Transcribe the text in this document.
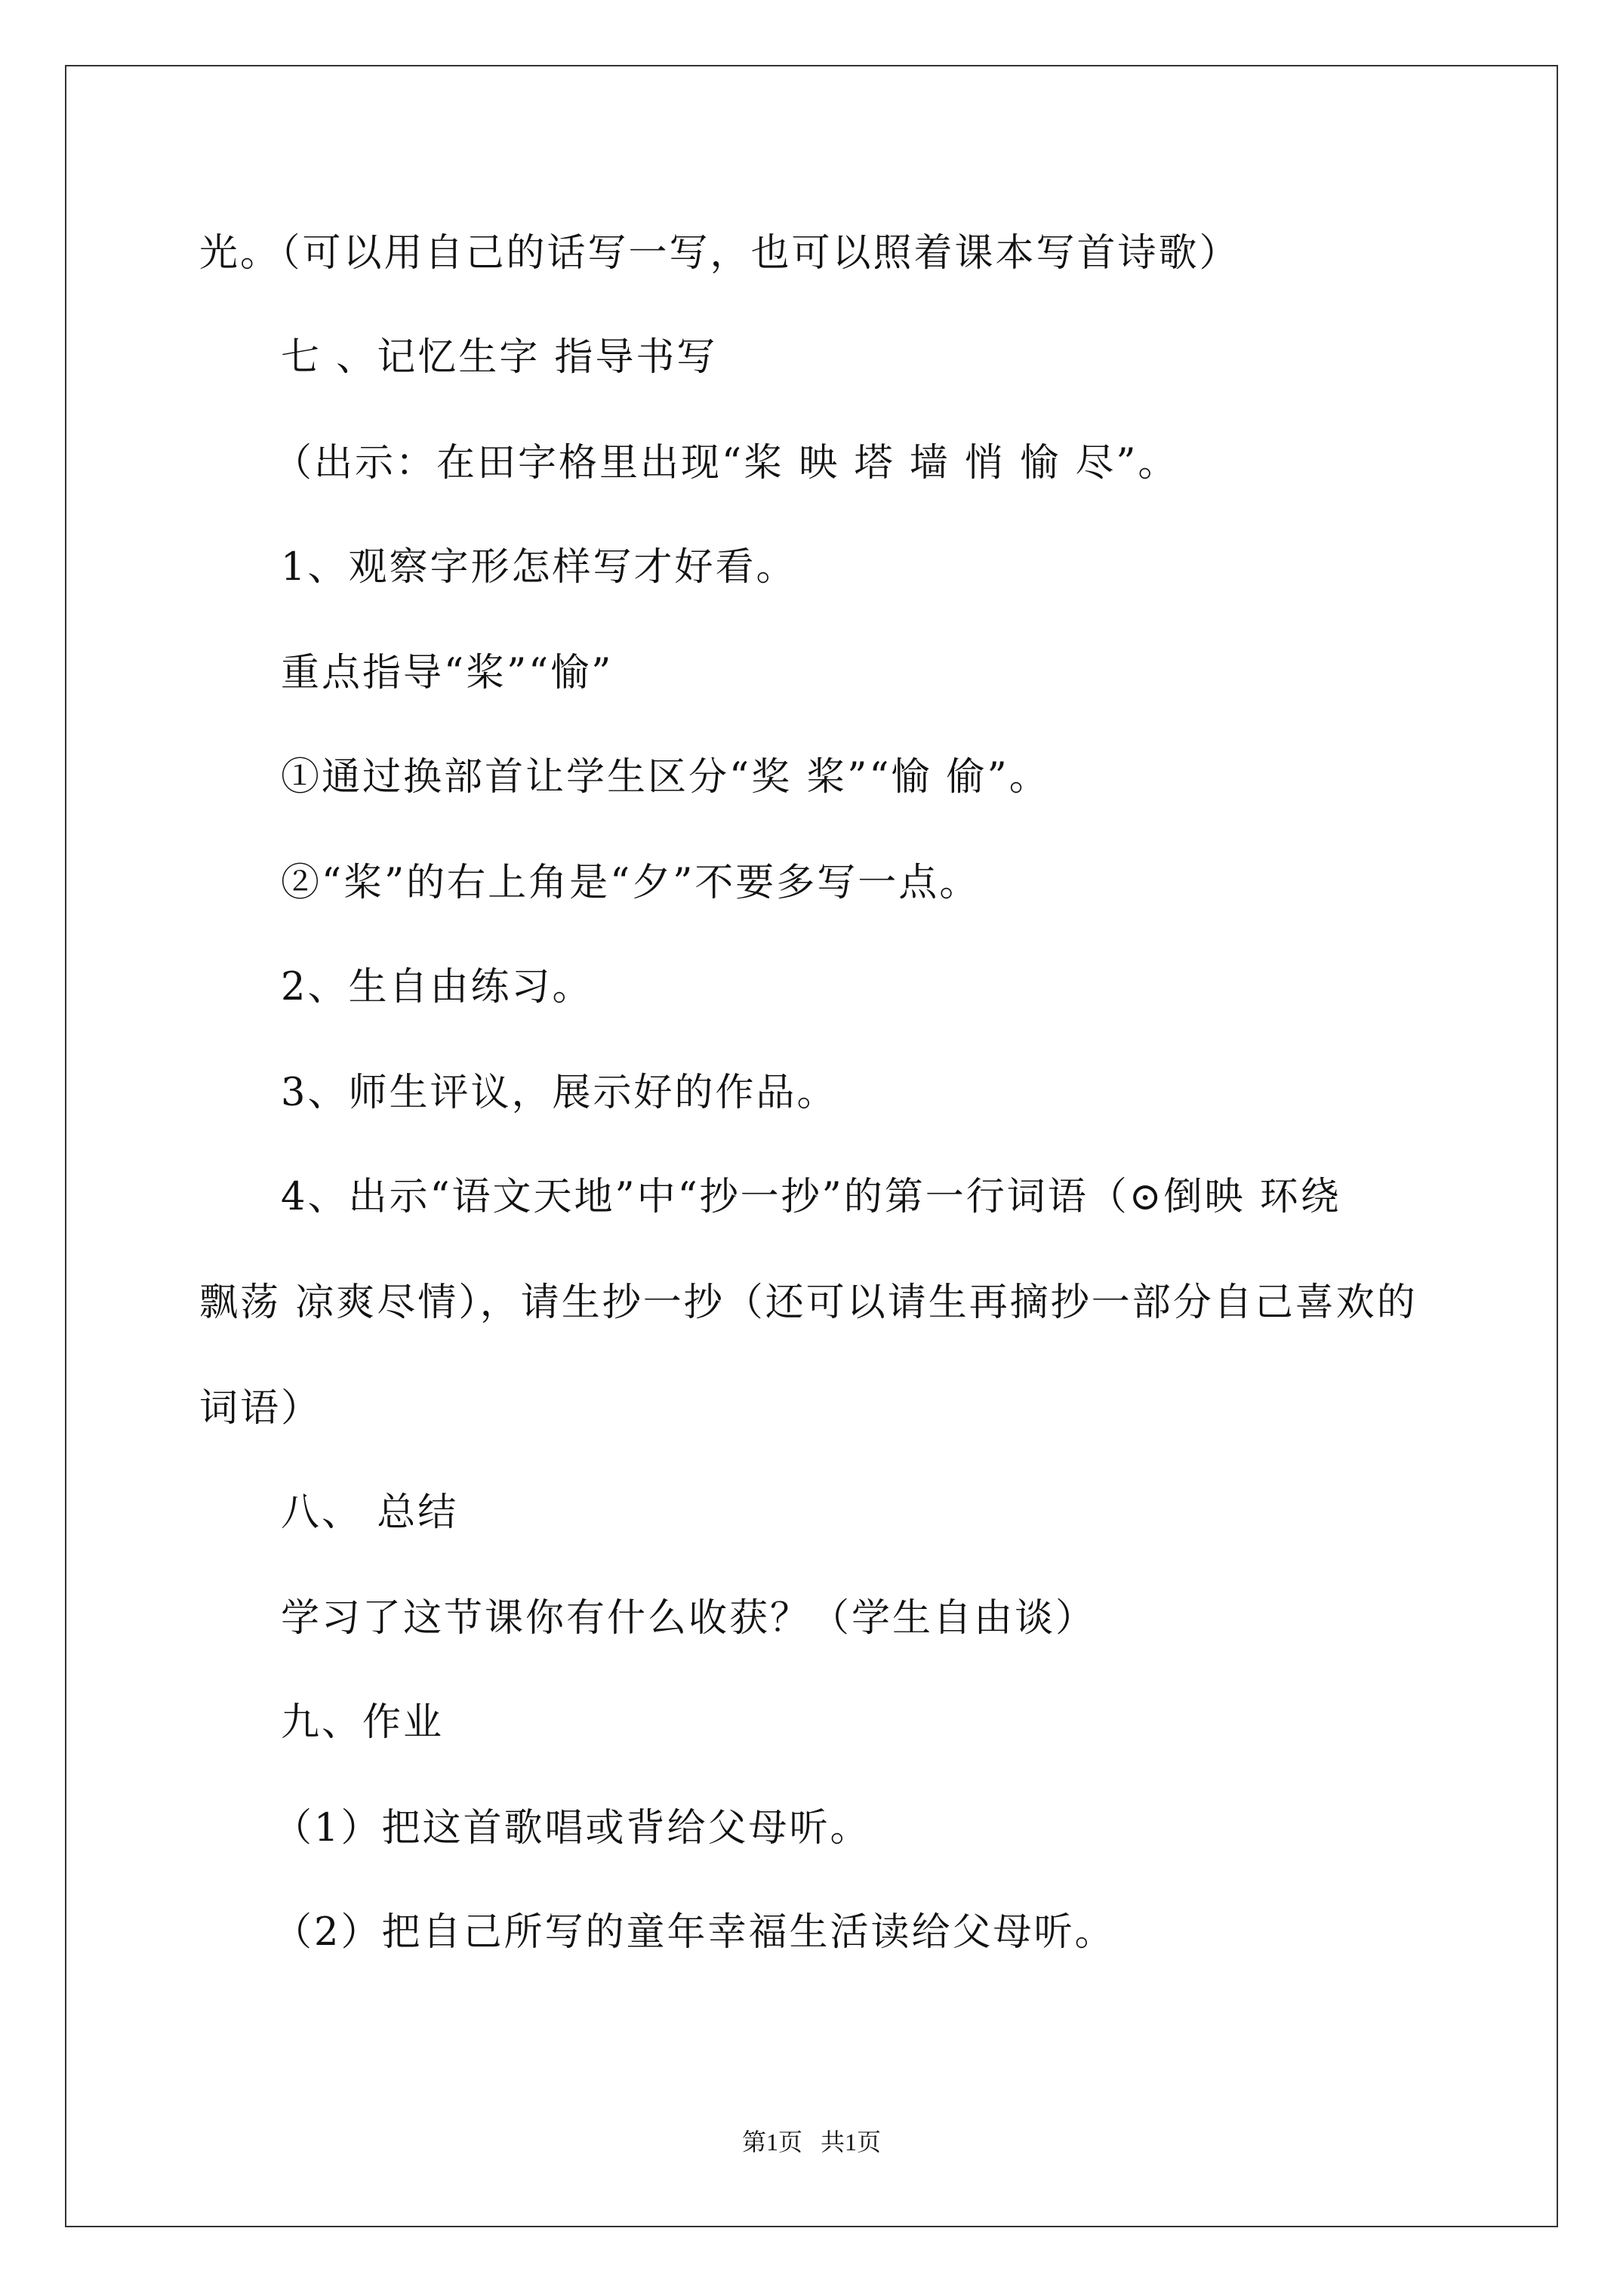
光。（可以用自己的话写一写，也可以照着课本写首诗歌）
七 、记忆生字 指导书写
（出示：在田字格里出现“桨 映 塔 墙 悄 愉 尽”。
1、观察字形怎样写才好看。
重点指导“桨”“愉”
①通过换部首让学生区分“奖 桨”“愉 偷”。
②“桨”的右上角是“夕”不要多写一点。
2、生自由练习。
3、师生评议，展示好的作品。
4、出示“语文天地”中“抄一抄”的第一行词语（⊙倒映 环绕
飘荡 凉爽尽情），请生抄一抄（还可以请生再摘抄一部分自己喜欢的
词语）
八、 总结
学习了这节课你有什么收获？（学生自由谈）
九、作业
（1）把这首歌唱或背给父母听。
（2）把自己所写的童年幸福生活读给父母听。
第1页 共1页
